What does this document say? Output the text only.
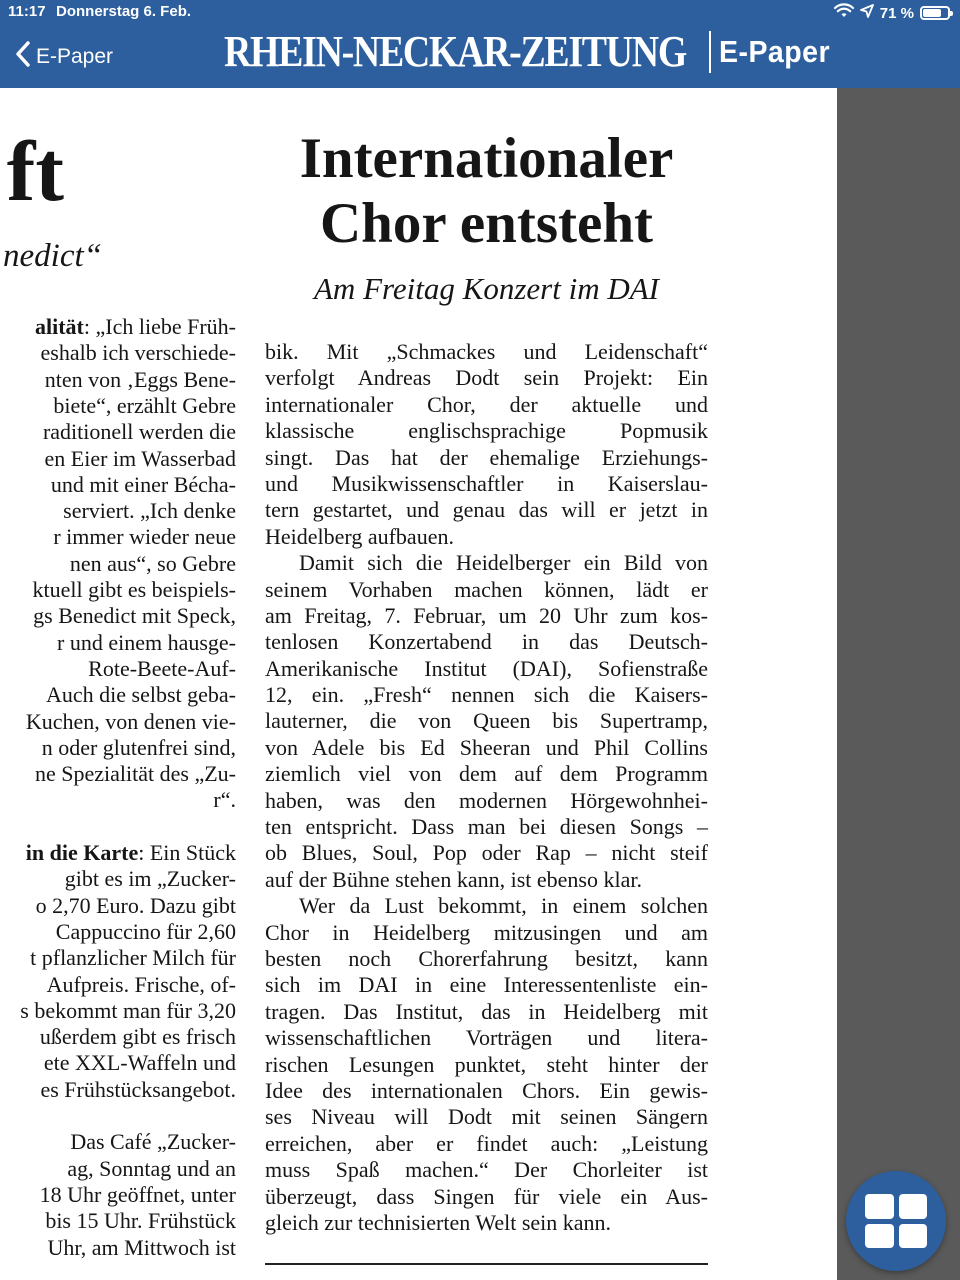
11:17 Donnerstag 6. Feb.	71 %
E-Paper	RHEIN-NECKAR-ZEITUNG E-Paper
ft
nedict“
alität: „Ich liebe Früh-
eshalb ich verschiede-
nten von ‚Eggs Bene-
biete“, erzählt Gebre
raditionell werden die
en Eier im Wasserbad
und mit einer Bécha-
serviert. „Ich denke
r immer wieder neue
nen aus“, so Gebre
ktuell gibt es beispiels-
gs Benedict mit Speck,
r und einem hausge-
Rote-Beete-Auf-
Auch die selbst geba-
Kuchen, von denen vie-
n oder glutenfrei sind,
ne Spezialität des „Zu-
r“.
in die Karte: Ein Stück
gibt es im „Zucker-
o 2,70 Euro. Dazu gibt
Cappuccino für 2,60
t pflanzlicher Milch für
Aufpreis. Frische, of-
s bekommt man für 3,20
ußerdem gibt es frisch
ete XXL-Waffeln und
es Frühstücksangebot.
Das Café „Zucker-
ag, Sonntag und an
18 Uhr geöffnet, unter
bis 15 Uhr. Frühstück
Uhr, am Mittwoch ist
Internationaler
Chor entsteht
Am Freitag Konzert im DAI
bik. Mit „Schmackes und Leidenschaft“
verfolgt Andreas Dodt sein Projekt: Ein
internationaler Chor, der aktuelle und
klassische englischsprachige Popmusik
singt. Das hat der ehemalige Erziehungs-
und Musikwissenschaftler in Kaiserslau-
tern gestartet, und genau das will er jetzt in
Heidelberg aufbauen.
Damit sich die Heidelberger ein Bild von
seinem Vorhaben machen können, lädt er
am Freitag, 7. Februar, um 20 Uhr zum kos-
tenlosen Konzertabend in das Deutsch-
Amerikanische Institut (DAI), Sofienstraße
12, ein. „Fresh“ nennen sich die Kaisers-
lauterner, die von Queen bis Supertramp,
von Adele bis Ed Sheeran und Phil Collins
ziemlich viel von dem auf dem Programm
haben, was den modernen Hörgewohnhei-
ten entspricht. Dass man bei diesen Songs –
ob Blues, Soul, Pop oder Rap – nicht steif
auf der Bühne stehen kann, ist ebenso klar.
Wer da Lust bekommt, in einem solchen
Chor in Heidelberg mitzusingen und am
besten noch Chorerfahrung besitzt, kann
sich im DAI in eine Interessentenliste ein-
tragen. Das Institut, das in Heidelberg mit
wissenschaftlichen Vorträgen und litera-
rischen Lesungen punktet, steht hinter der
Idee des internationalen Chors. Ein gewis-
ses Niveau will Dodt mit seinen Sängern
erreichen, aber er findet auch: „Leistung
muss Spaß machen.“ Der Chorleiter ist
überzeugt, dass Singen für viele ein Aus-
gleich zur technisierten Welt sein kann.
